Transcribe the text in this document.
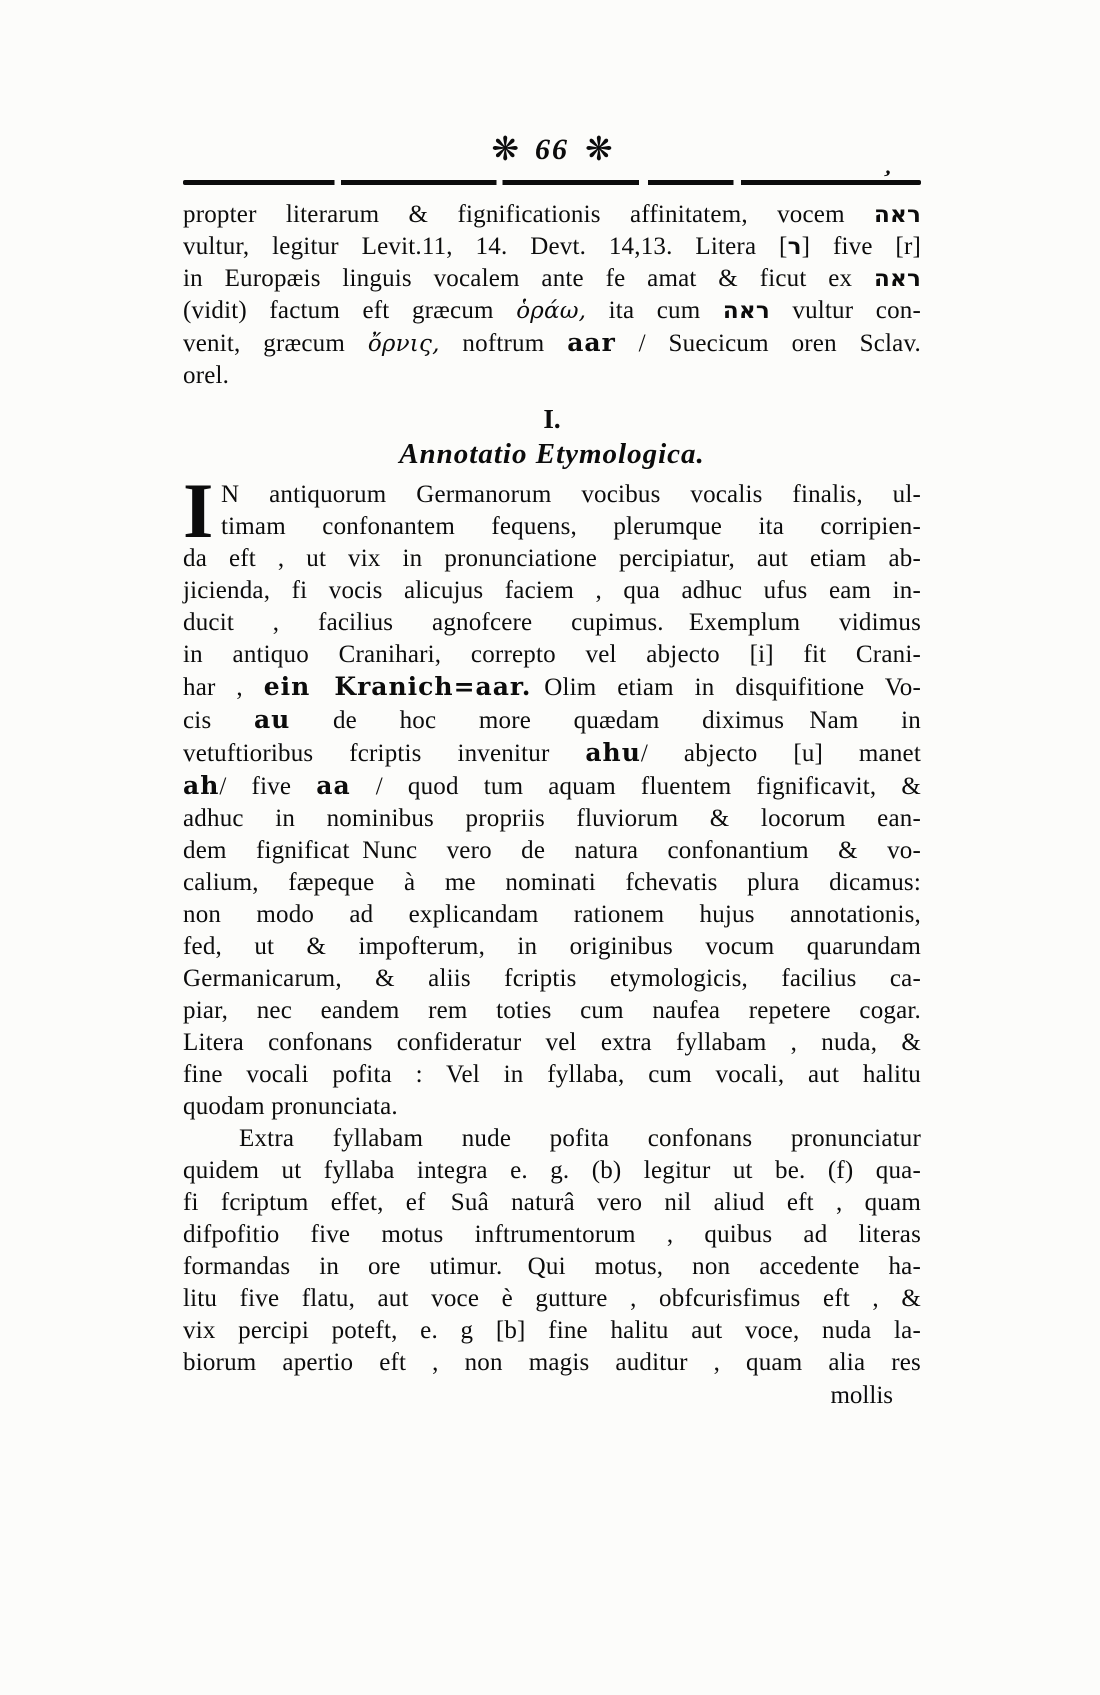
❋ 66 ❋	‚
propter literarum & fignificationis affinitatem, vocem ראה
vultur, legitur Levit.11, 14. Devt. 14,13. Litera [ר] five [r]
in Europæis linguis vocalem ante fe amat & ficut ex ראה
(vidit) factum eft græcum ὁράω, ita cum ראה vultur con-
venit, græcum ὄρνις, noftrum aar / Suecicum oren Sclav.
orel.
I.
Annotatio Etymologica.
I N antiquorum Germanorum vocibus vocalis finalis, ul-
timam confonantem fequens, plerumque ita corripien-
da eft , ut vix in pronunciatione percipiatur, aut etiam ab-
jicienda, fi vocis alicujus faciem , qua adhuc ufus eam in-
ducit , facilius agnofcere cupimus. Exemplum vidimus
in antiquo Cranihari, correpto vel abjecto [i] fit Crani-
har , ein Kranich=aar. Olim etiam in disquifitione Vo-
cis au de hoc more quædam diximus Nam in
vetuftioribus fcriptis invenitur ahu/ abjecto [u] manet
ah/ five aa / quod tum aquam fluentem fignificavit, &
adhuc in nominibus propriis fluviorum & locorum ean-
dem fignificat Nunc vero de natura confonantium & vo-
calium, fæpeque à me nominati fchevatis plura dicamus:
non modo ad explicandam rationem hujus annotationis,
fed, ut & impofterum, in originibus vocum quarundam
Germanicarum, & aliis fcriptis etymologicis, facilius ca-
piar, nec eandem rem toties cum naufea repetere cogar.
Litera confonans confideratur vel extra fyllabam , nuda, &
fine vocali pofita : Vel in fyllaba, cum vocali, aut halitu
quodam pronunciata.
Extra fyllabam nude pofita confonans pronunciatur
quidem ut fyllaba integra e. g. (b) legitur ut be. (f) qua-
fi fcriptum effet, ef Suâ naturâ vero nil aliud eft , quam
difpofitio five motus inftrumentorum , quibus ad literas
formandas in ore utimur. Qui motus, non accedente ha-
litu five flatu, aut voce è gutture , obfcurisfimus eft , &
vix percipi poteft, e. g [b] fine halitu aut voce, nuda la-
biorum apertio eft , non magis auditur , quam alia res
mollis
